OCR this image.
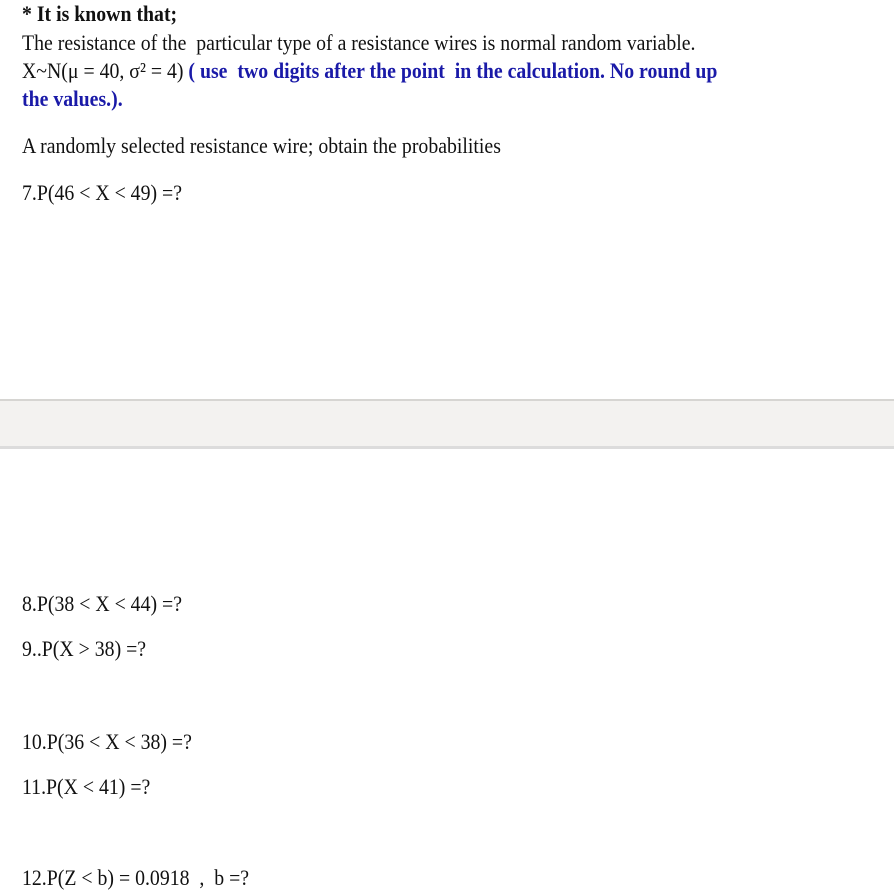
* It is known that;
The resistance of the  particular type of a resistance wires is normal random variable.
X~N(μ = 40, σ² = 4) ( use  two digits after the point  in the calculation. No round up
the values.).
A randomly selected resistance wire; obtain the probabilities
7.P(46 < X < 49) =?
8.P(38 < X < 44) =?
9..P(X > 38) =?
10.P(36 < X < 38) =?
11.P(X < 41) =?
12.P(Z < b) = 0.0918  ,  b =?
